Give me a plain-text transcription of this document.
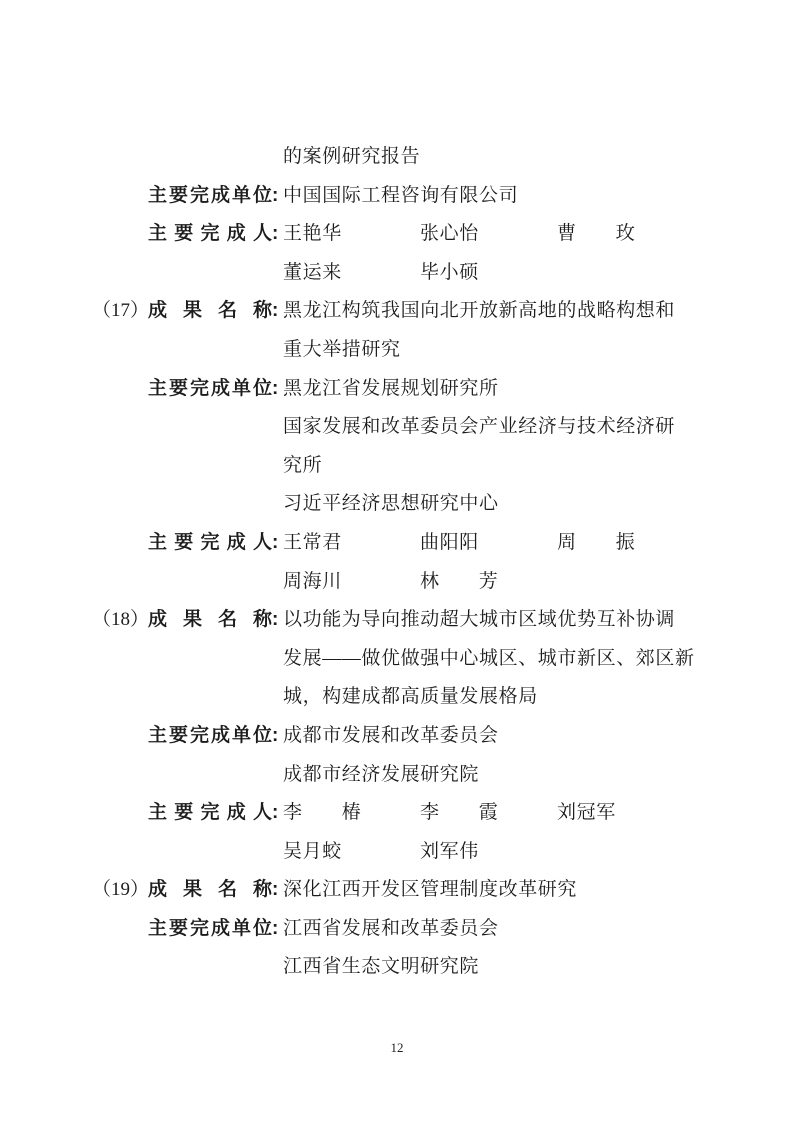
的案例研究报告
主要完成单位 : 中国国际工程咨询有限公司
主要完成人 : 王艳华	张心怡	曹　　玫
董运来	毕小硕
（17）
成果名称 : 黑龙江构筑我国向北开放新高地的战略构想和
重大举措研究
主要完成单位 : 黑龙江省发展规划研究所
国家发展和改革委员会产业经济与技术经济研
究所
习近平经济思想研究中心
主要完成人 : 王常君	曲阳阳	周　　振
周海川	林　　芳
（18）
成果名称 : 以功能为导向推动超大城市区域优势互补协调
发展——做优做强中心城区、城市新区、郊区新
城，构建成都高质量发展格局
主要完成单位 : 成都市发展和改革委员会
成都市经济发展研究院
主要完成人 : 李　　椿	李　　霞	刘冠军
吴月蛟	刘军伟
（19）
成果名称 : 深化江西开发区管理制度改革研究
主要完成单位 : 江西省发展和改革委员会
江西省生态文明研究院
12
